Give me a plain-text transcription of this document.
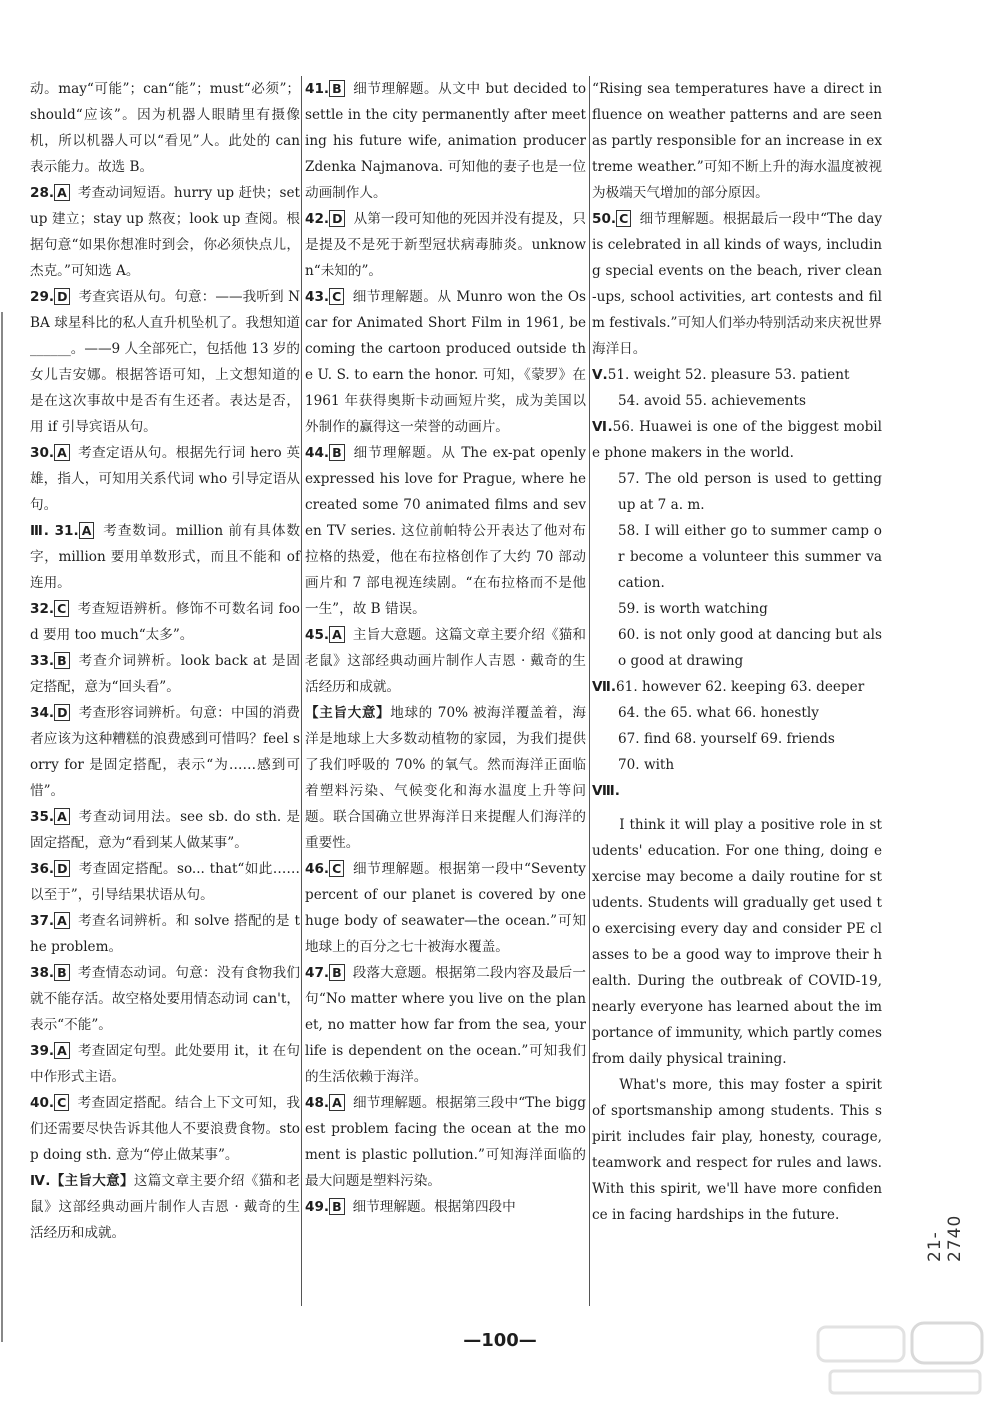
动。may“可能”；can“能”；must“必须”；should“应该”。因为机器人眼睛里有摄像机，所以机器人可以“看见”人。此处的 can 表示能力。故选 B。

28. A 考查动词短语。hurry up 赶快；set up 建立；stay up 熬夜；look up 查阅。根据句意“如果你想准时到会，你必须快点儿，杰克。”可知选 A。

29. D 考查宾语从句。句意：——我听到 NBA 球星科比的私人直升机坠机了。我想知道______。——9 人全部死亡，包括他 13 岁的女儿吉安娜。根据答语可知，上文想知道的是在这次事故中是否有生还者。表达是否，用 if 引导宾语从句。

30. A 考查定语从句。根据先行词 hero 英雄，指人，可知用关系代词 who 引导定语从句。

Ⅲ. 31. A 考查数词。million 前有具体数字，million 要用单数形式，而且不能和 of 连用。

32. C 考查短语辨析。修饰不可数名词 food 要用 too much“太多”。

33. B 考查介词辨析。look back at 是固定搭配，意为“回头看”。

34. D 考查形容词辨析。句意：中国的消费者应该为这种糟糕的浪费感到可惜吗？feel sorry for 是固定搭配，表示“为……感到可惜”。

35. A 考查动词用法。see sb. do sth. 是固定搭配，意为“看到某人做某事”。

36. D 考查固定搭配。so... that“如此……以至于”，引导结果状语从句。

37. A 考查名词辨析。和 solve 搭配的是 the problem。

38. B 考查情态动词。句意：没有食物我们就不能存活。故空格处要用情态动词 can't，表示“不能”。

39. A 考查固定句型。此处要用 it，it 在句中作形式主语。

40. C 考查固定搭配。结合上下文可知，我们还需要尽快告诉其他人不要浪费食物。stop doing sth. 意为“停止做某事”。

Ⅳ.【主旨大意】这篇文章主要介绍《猫和老鼠》这部经典动画片制作人吉恩 · 戴奇的生活经历和成就。

41. B 细节理解题。从文中 but decided to settle in the city permanently after meeting his future wife, animation producer Zdenka Najmanova. 可知他的妻子也是一位动画制作人。

42. D 从第一段可知他的死因并没有提及，只是提及不是死于新型冠状病毒肺炎。unknown“未知的”。

43. C 细节理解题。从 Munro won the Oscar for Animated Short Film in 1961, becoming the cartoon produced outside the U. S. to earn the honor. 可知，《蒙罗》在 1961 年获得奥斯卡动画短片奖，成为美国以外制作的赢得这一荣誉的动画片。

44. B 细节理解题。从 The ex-pat openly expressed his love for Prague, where he created some 70 animated films and seven TV series. 这位前帕特公开表达了他对布拉格的热爱，他在布拉格创作了大约 70 部动画片和 7 部电视连续剧。“在布拉格而不是他一生”，故 B 错误。

45. A 主旨大意题。这篇文章主要介绍《猫和老鼠》这部经典动画片制作人吉恩 · 戴奇的生活经历和成就。

【主旨大意】地球的 70% 被海洋覆盖着，海洋是地球上大多数动植物的家园，为我们提供了我们呼吸的 70% 的氧气。然而海洋正面临着塑料污染、气候变化和海水温度上升等问题。联合国确立世界海洋日来提醒人们海洋的重要性。

46. C 细节理解题。根据第一段中“Seventy percent of our planet is covered by one huge body of seawater—the ocean.”可知地球上的百分之七十被海水覆盖。

47. B 段落大意题。根据第二段内容及最后一句“No matter where you live on the planet, no matter how far from the sea, your life is dependent on the ocean.”可知我们的生活依赖于海洋。

48. A 细节理解题。根据第三段中“The biggest problem facing the ocean at the moment is plastic pollution.”可知海洋面临的最大问题是塑料污染。

49. B 细节理解题。根据第四段中

“Rising sea temperatures have a direct influence on weather patterns and are seen as partly responsible for an increase in extreme weather.”可知不断上升的海水温度被视为极端天气增加的部分原因。

50. C 细节理解题。根据最后一段中“The day is celebrated in all kinds of ways, including special events on the beach, river clean-ups, school activities, art contests and film festivals.”可知人们举办特别活动来庆祝世界海洋日。

Ⅴ.51. weight 52. pleasure 53. patient

54. avoid 55. achievements

Ⅵ.56. Huawei is one of the biggest mobile phone makers in the world.

57. The old person is used to getting up at 7 a. m.

58. I will either go to summer camp or become a volunteer this summer vacation.

59. is worth watching

60. is not only good at dancing but also good at drawing

Ⅶ.61. however 62. keeping 63. deeper

64. the 65. what 66. honestly

67. find 68. yourself 69. friends

70. with

Ⅷ.

I think it will play a positive role in students' education. For one thing, doing exercise may become a daily routine for students. Students will gradually get used to exercising every day and consider PE classes to be a good way to improve their health. During the outbreak of COVID-19, nearly everyone has learned about the importance of immunity, which partly comes from daily physical training.

What's more, this may foster a spirit of sportsmanship among students. This spirit includes fair play, honesty, courage, teamwork and respect for rules and laws. With this spirit, we'll have more confidence in facing hardships in the future.

—100—
21-2740
